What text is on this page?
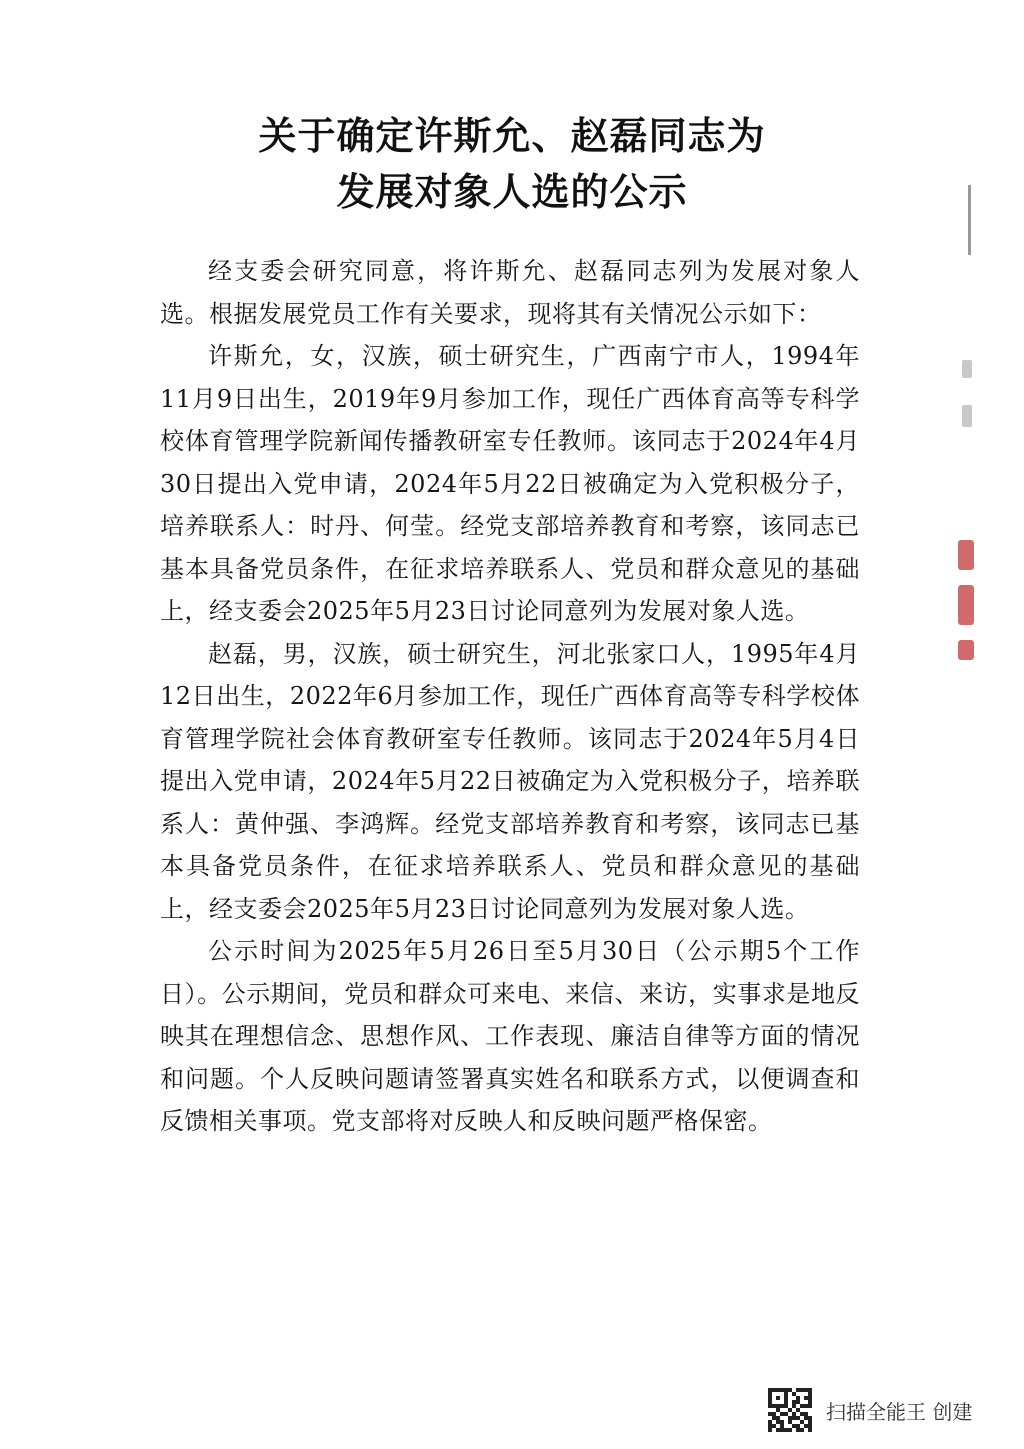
关于确定许斯允、赵磊同志为
发展对象人选的公示

经支委会研究同意，将许斯允、赵磊同志列为发展对象人选。根据发展党员工作有关要求，现将其有关情况公示如下：

许斯允，女，汉族，硕士研究生，广西南宁市人，1994年11月9日出生，2019年9月参加工作，现任广西体育高等专科学校体育管理学院新闻传播教研室专任教师。该同志于2024年4月30日提出入党申请，2024年5月22日被确定为入党积极分子，培养联系人：时丹、何莹。经党支部培养教育和考察，该同志已基本具备党员条件，在征求培养联系人、党员和群众意见的基础上，经支委会2025年5月23日讨论同意列为发展对象人选。

赵磊，男，汉族，硕士研究生，河北张家口人，1995年4月12日出生，2022年6月参加工作，现任广西体育高等专科学校体育管理学院社会体育教研室专任教师。该同志于2024年5月4日提出入党申请，2024年5月22日被确定为入党积极分子，培养联系人：黄仲强、李鸿辉。经党支部培养教育和考察，该同志已基本具备党员条件，在征求培养联系人、党员和群众意见的基础上，经支委会2025年5月23日讨论同意列为发展对象人选。

公示时间为2025年5月26日至5月30日（公示期5个工作日）。公示期间，党员和群众可来电、来信、来访，实事求是地反映其在理想信念、思想作风、工作表现、廉洁自律等方面的情况和问题。个人反映问题请签署真实姓名和联系方式，以便调查和反馈相关事项。党支部将对反映人和反映问题严格保密。

扫描全能王 创建
